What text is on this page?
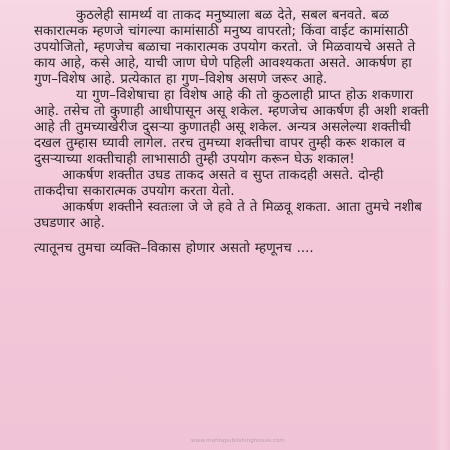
कुठलेही सामर्थ्य वा ताकद मनुष्याला बळ देते, सबल बनवते. बळ सकारात्मक म्हणजे चांगल्या कामांसाठी मनुष्य वापरतो; किंवा वाईट कामांसाठी उपयोजितो, म्हणजेच बळाचा नकारात्मक उपयोग करतो. जे मिळवायचे असते ते काय आहे, कसे आहे, याची जाण घेणे पहिली आवश्यकता असते. आकर्षण हा गुण–विशेष आहे. प्रत्येकात हा गुण–विशेष असणे जरूर आहे.

या गुण–विशेषाचा हा विशेष आहे की तो कुठलाही प्राप्त होऊ शकणारा आहे. तसेच तो कुणाही आधीपासून असू शकेल. म्हणजेच आकर्षण ही अशी शक्ती आहे ती तुमच्याखेरीज दुसऱ्या कुणातही असू शकेल. अन्यत्र असलेल्या शक्तीची दखल तुम्हास घ्यावी लागेल. तरच तुमच्या शक्तीचा वापर तुम्ही करू शकाल व दुसऱ्याच्या शक्तीचाही लाभासाठी तुम्ही उपयोग करून घेऊ शकाल!

आकर्षण शक्तीत उघड ताकद असते व सुप्त ताकदही असते. दोन्ही ताकदीचा सकारात्मक उपयोग करता येतो.

आकर्षण शक्तीने स्वतःला जे जे हवे ते ते मिळवू शकता. आता तुमचे नशीब उघडणार आहे.

त्यातूनच तुमचा व्यक्ति–विकास होणार असतो म्हणूनच ....

www.mehtapublishinghouse.com
